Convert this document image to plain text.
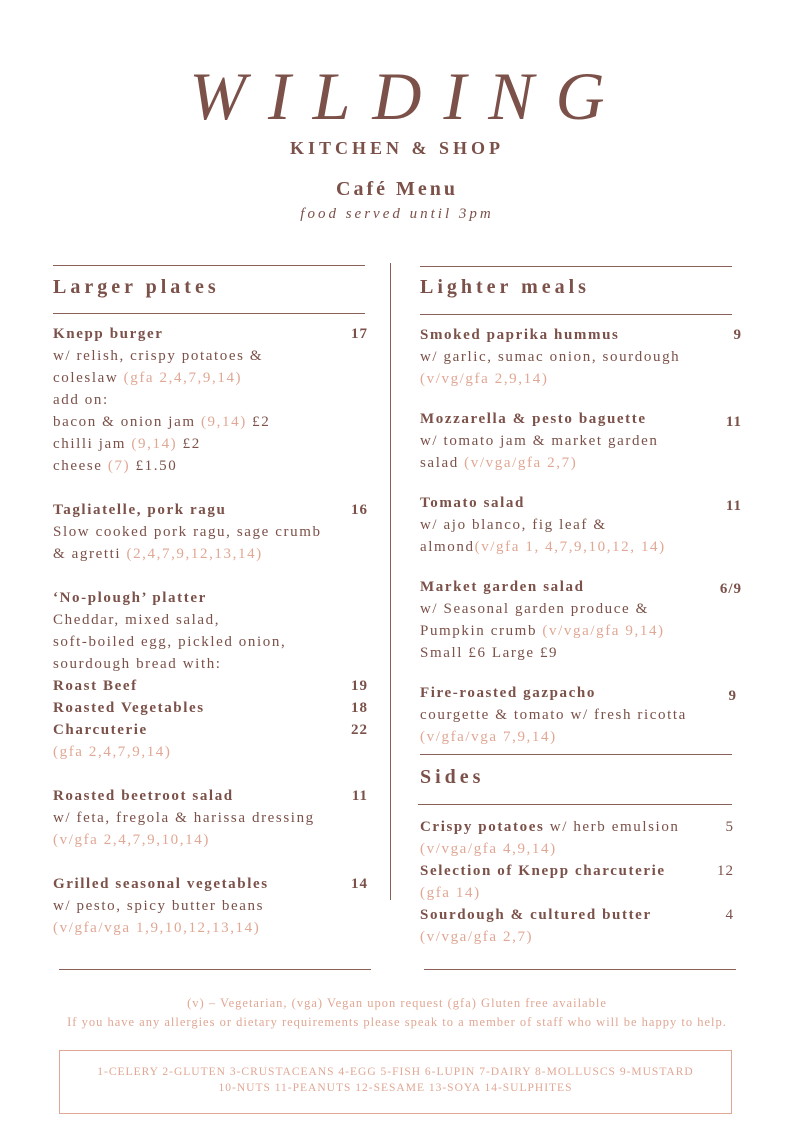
WILDING
KITCHEN & SHOP
Café Menu
food served until 3pm
Larger plates
Knepp burger	17
w/ relish, crispy potatoes &
coleslaw (gfa 2,4,7,9,14)
add on:
bacon & onion jam (9,14) £2
chilli jam (9,14) £2
cheese (7) £1.50
Tagliatelle, pork ragu	16
Slow cooked pork ragu, sage crumb
& agretti (2,4,7,9,12,13,14)
‘No-plough’ platter
Cheddar, mixed salad,
soft-boiled egg, pickled onion,
sourdough bread with:
Roast Beef	19
Roasted Vegetables	18
Charcuterie	22
(gfa 2,4,7,9,14)
Roasted beetroot salad	11
w/ feta, fregola & harissa dressing
(v/gfa 2,4,7,9,10,14)
Grilled seasonal vegetables	14
w/ pesto, spicy butter beans
(v/gfa/vga 1,9,10,12,13,14)
Lighter meals
Smoked paprika hummus	9
w/ garlic, sumac onion, sourdough
(v/vg/gfa 2,9,14)
Mozzarella & pesto baguette	11
w/ tomato jam & market garden
salad (v/vga/gfa 2,7)
Tomato salad	11
w/ ajo blanco, fig leaf &
almond(v/gfa 1, 4,7,9,10,12, 14)
Market garden salad	6/9
w/ Seasonal garden produce &
Pumpkin crumb (v/vga/gfa 9,14)
Small £6 Large £9
Fire-roasted gazpacho	9
courgette & tomato w/ fresh ricotta
(v/gfa/vga 7,9,14)
Sides
Crispy potatoes w/ herb emulsion	5
(v/vga/gfa 4,9,14)
Selection of Knepp charcuterie	12
(gfa 14)
Sourdough & cultured butter	4
(v/vga/gfa 2,7)
(v) – Vegetarian, (vga) Vegan upon request (gfa) Gluten free available
If you have any allergies or dietary requirements please speak to a member of staff who will be happy to help.
1-CELERY 2-GLUTEN 3-CRUSTACEANS 4-EGG 5-FISH 6-LUPIN 7-DAIRY 8-MOLLUSCS 9-MUSTARD
10-NUTS 11-PEANUTS 12-SESAME 13-SOYA 14-SULPHITES
